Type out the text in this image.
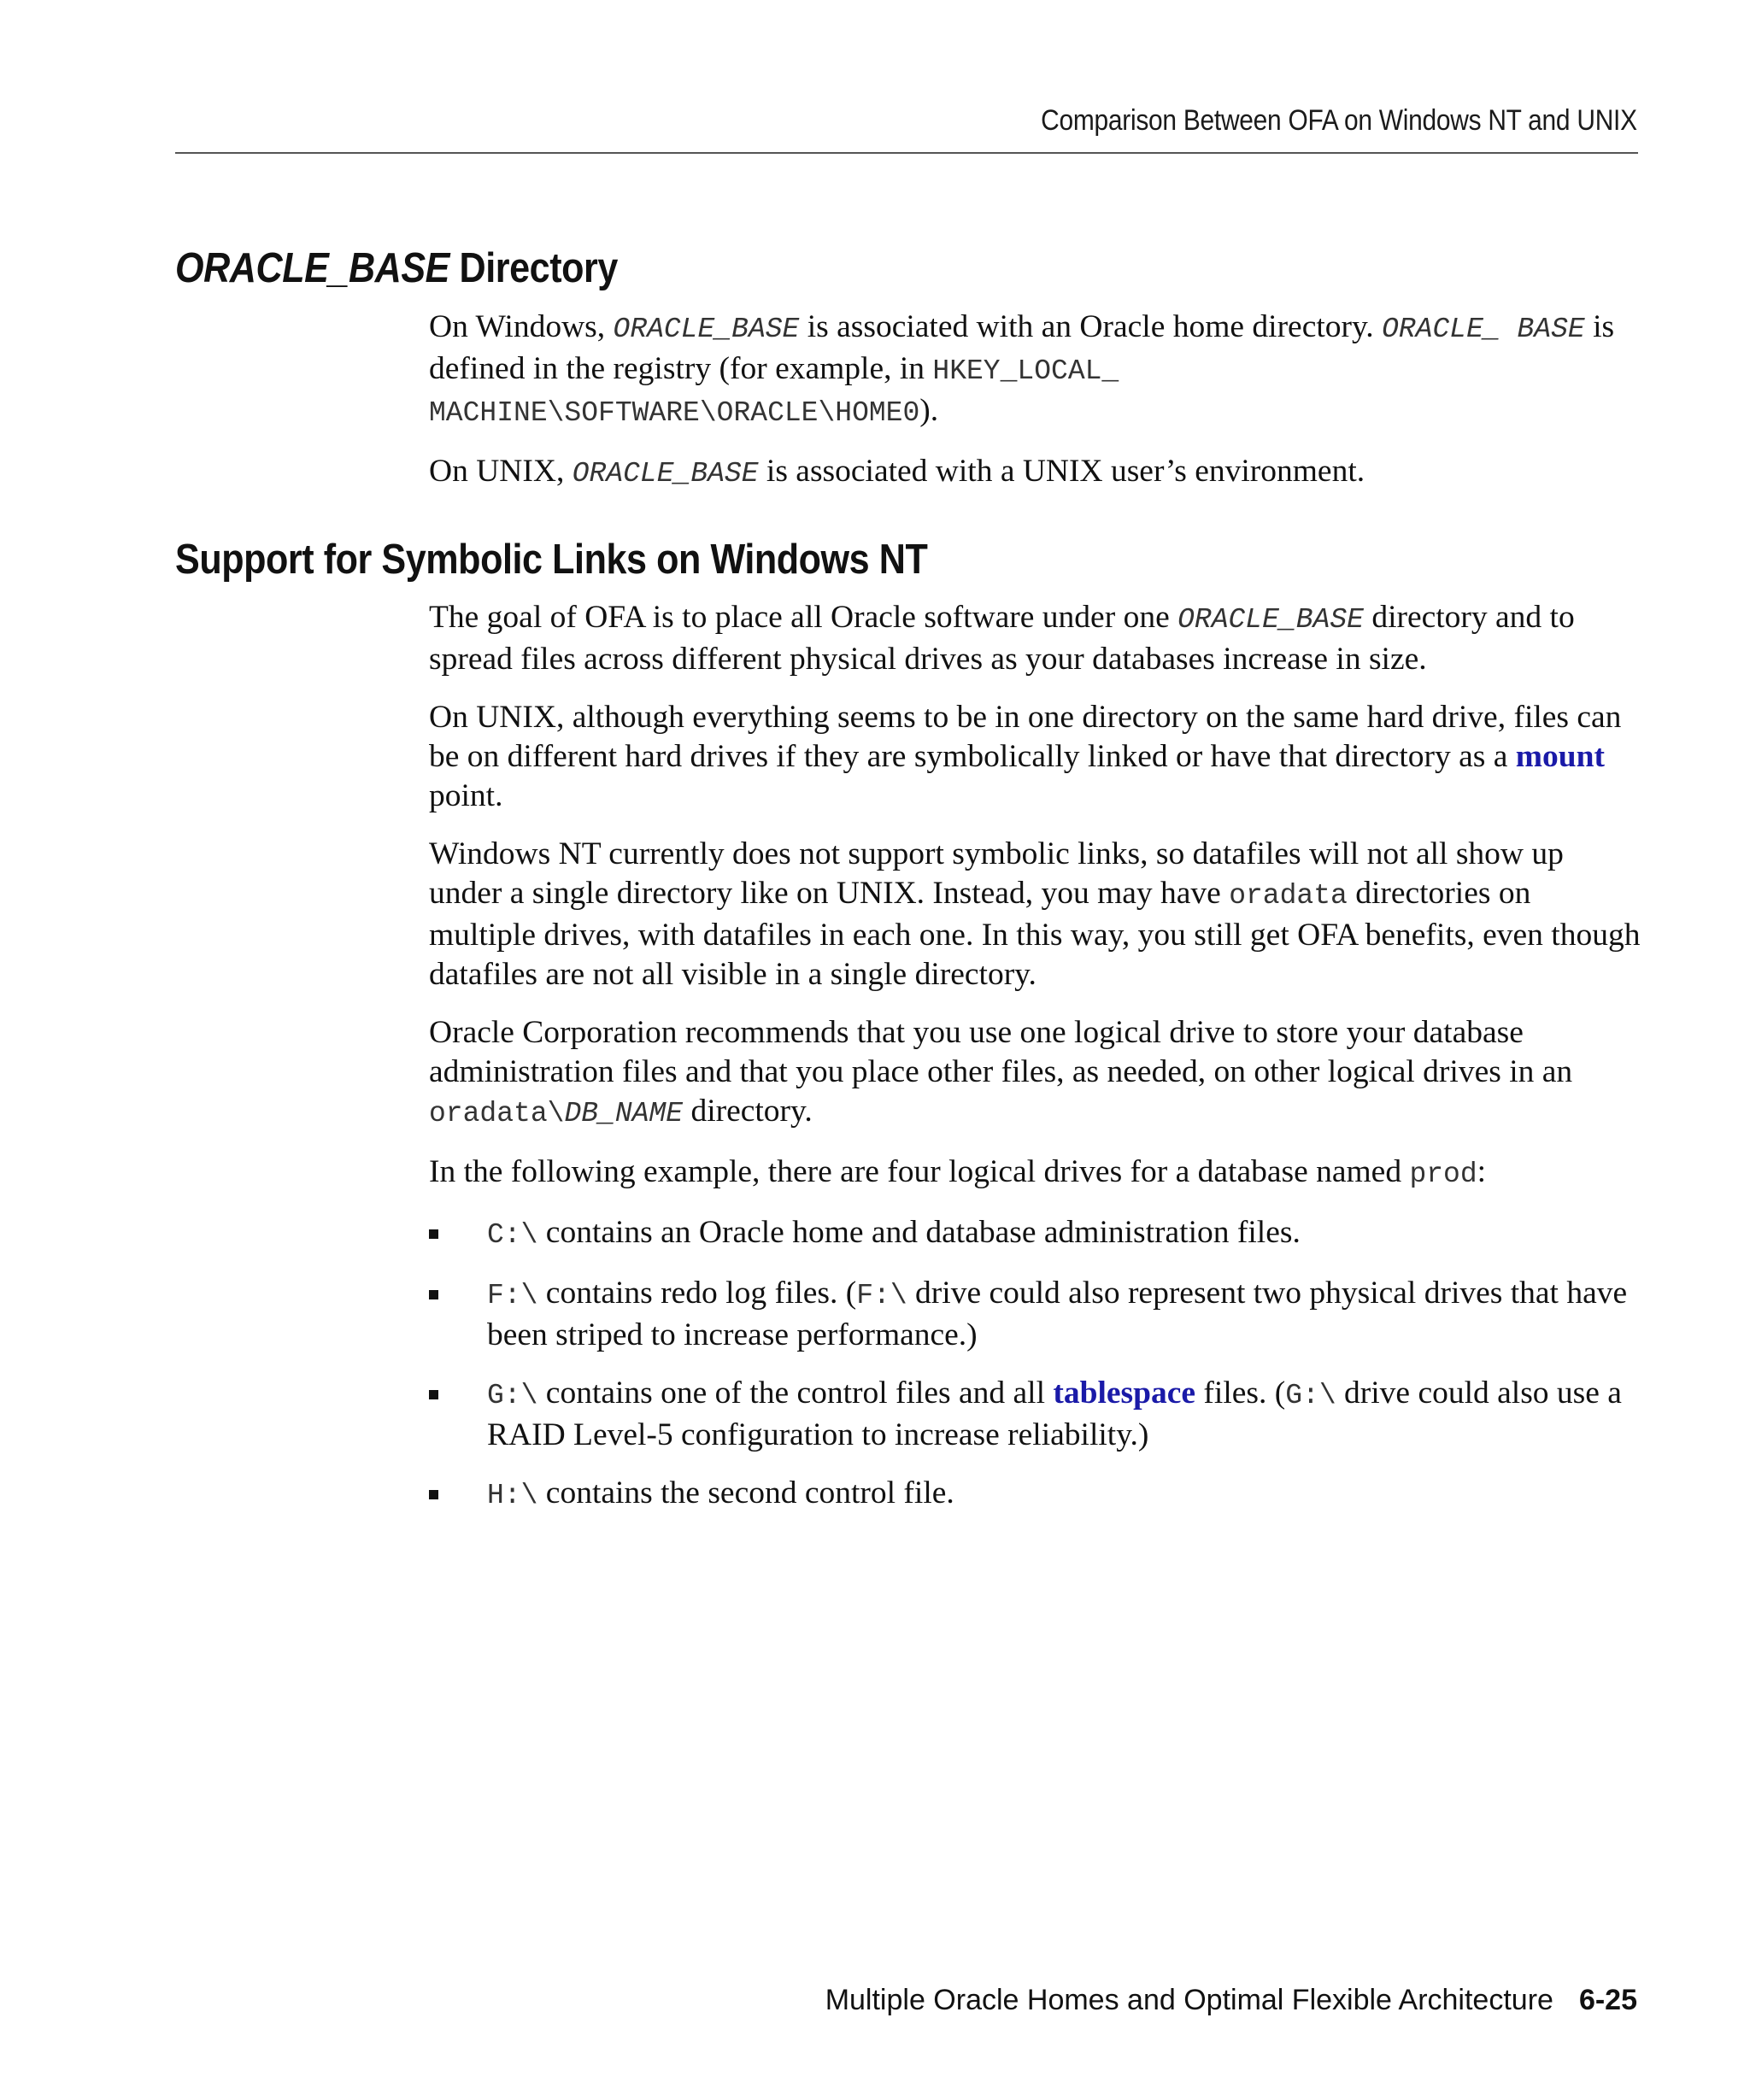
Comparison Between OFA on Windows NT and UNIX
ORACLE_BASE Directory

On Windows, ORACLE_BASE is associated with an Oracle home directory. ORACLE_ BASE is defined in the registry (for example, in HKEY_LOCAL_ MACHINE\SOFTWARE\ORACLE\HOME0).

On UNIX, ORACLE_BASE is associated with a UNIX user’s environment.

Support for Symbolic Links on Windows NT

The goal of OFA is to place all Oracle software under one ORACLE_BASE directory and to spread files across different physical drives as your databases increase in size.

On UNIX, although everything seems to be in one directory on the same hard drive, files can be on different hard drives if they are symbolically linked or have that directory as a mount point.

Windows NT currently does not support symbolic links, so datafiles will not all show up under a single directory like on UNIX. Instead, you may have oradata directories on multiple drives, with datafiles in each one. In this way, you still get OFA benefits, even though datafiles are not all visible in a single directory.

Oracle Corporation recommends that you use one logical drive to store your database administration files and that you place other files, as needed, on other logical drives in an oradata\DB_NAME directory.

In the following example, there are four logical drives for a database named prod:

C:\ contains an Oracle home and database administration files.
F:\ contains redo log files. (F:\ drive could also represent two physical drives that have been striped to increase performance.)
G:\ contains one of the control files and all tablespace files. (G:\ drive could also use a RAID Level-5 configuration to increase reliability.)
H:\ contains the second control file.
Multiple Oracle Homes and Optimal Flexible Architecture 6-25
